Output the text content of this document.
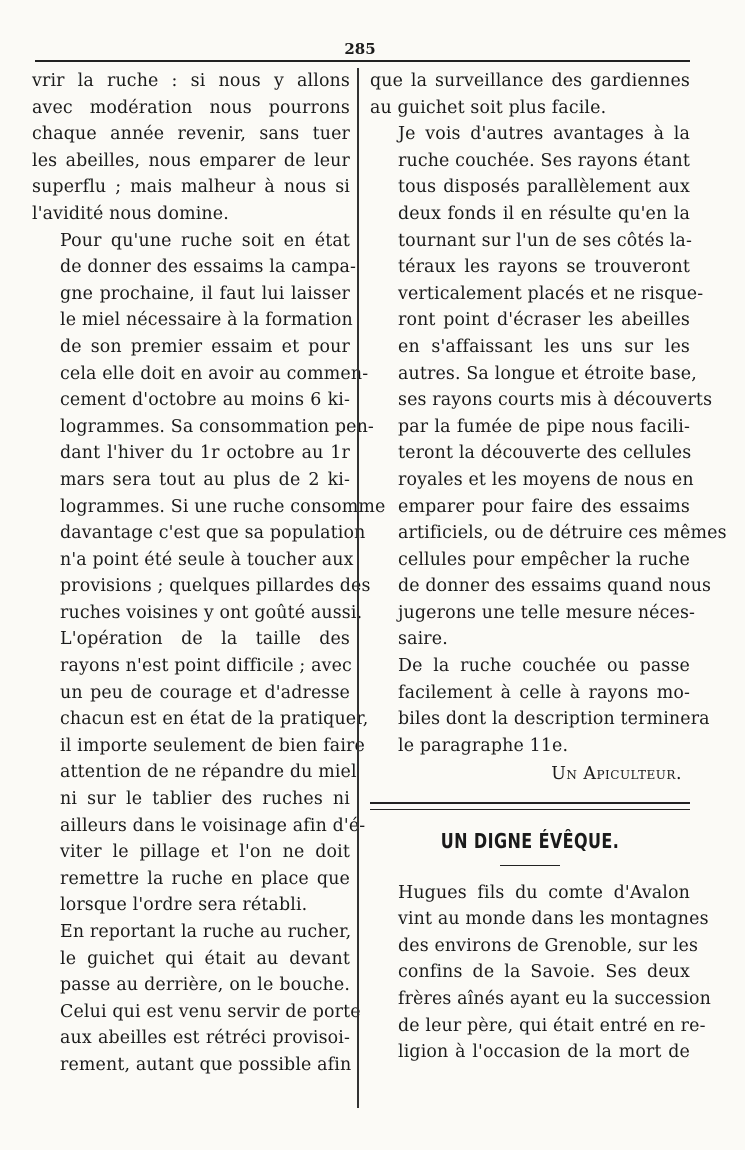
285

vrir la ruche : si nous y allons
avec modération nous pourrons
chaque année revenir, sans tuer
les abeilles, nous emparer de leur
superflu ; mais malheur à nous si
l'avidité nous domine.

Pour qu'une ruche soit en état
de donner des essaims la campa-
gne prochaine, il faut lui laisser
le miel nécessaire à la formation
de son premier essaim et pour
cela elle doit en avoir au commen-
cement d'octobre au moins 6 ki-
logrammes. Sa consommation pen-
dant l'hiver du 1r octobre au 1r
mars sera tout au plus de 2 ki-
logrammes. Si une ruche consomme
davantage c'est que sa population
n'a point été seule à toucher aux
provisions ; quelques pillardes des
ruches voisines y ont goûté aussi.

L'opération de la taille des
rayons n'est point difficile ; avec
un peu de courage et d'adresse
chacun est en état de la pratiquer,
il importe seulement de bien faire
attention de ne répandre du miel
ni sur le tablier des ruches ni
ailleurs dans le voisinage afin d'é-
viter le pillage et l'on ne doit
remettre la ruche en place que
lorsque l'ordre sera rétabli.

En reportant la ruche au rucher,
le guichet qui était au devant
passe au derrière, on le bouche.
Celui qui est venu servir de porte
aux abeilles est rétréci provisoi-
rement, autant que possible afin

que la surveillance des gardiennes
au guichet soit plus facile.

Je vois d'autres avantages à la
ruche couchée. Ses rayons étant
tous disposés parallèlement aux
deux fonds il en résulte qu'en la
tournant sur l'un de ses côtés la-
téraux les rayons se trouveront
verticalement placés et ne risque-
ront point d'écraser les abeilles
en s'affaissant les uns sur les
autres. Sa longue et étroite base,
ses rayons courts mis à découverts
par la fumée de pipe nous facili-
teront la découverte des cellules
royales et les moyens de nous en
emparer pour faire des essaims
artificiels, ou de détruire ces mêmes
cellules pour empêcher la ruche
de donner des essaims quand nous
jugerons une telle mesure néces-
saire.

De la ruche couchée ou passe
facilement à celle à rayons mo-
biles dont la description terminera
le paragraphe 11e.

Un Apiculteur.
UN DIGNE ÉVÊQUE.

Hugues fils du comte d'Avalon
vint au monde dans les montagnes
des environs de Grenoble, sur les
confins de la Savoie. Ses deux
frères aînés ayant eu la succession
de leur père, qui était entré en re-
ligion à l'occasion de la mort de
